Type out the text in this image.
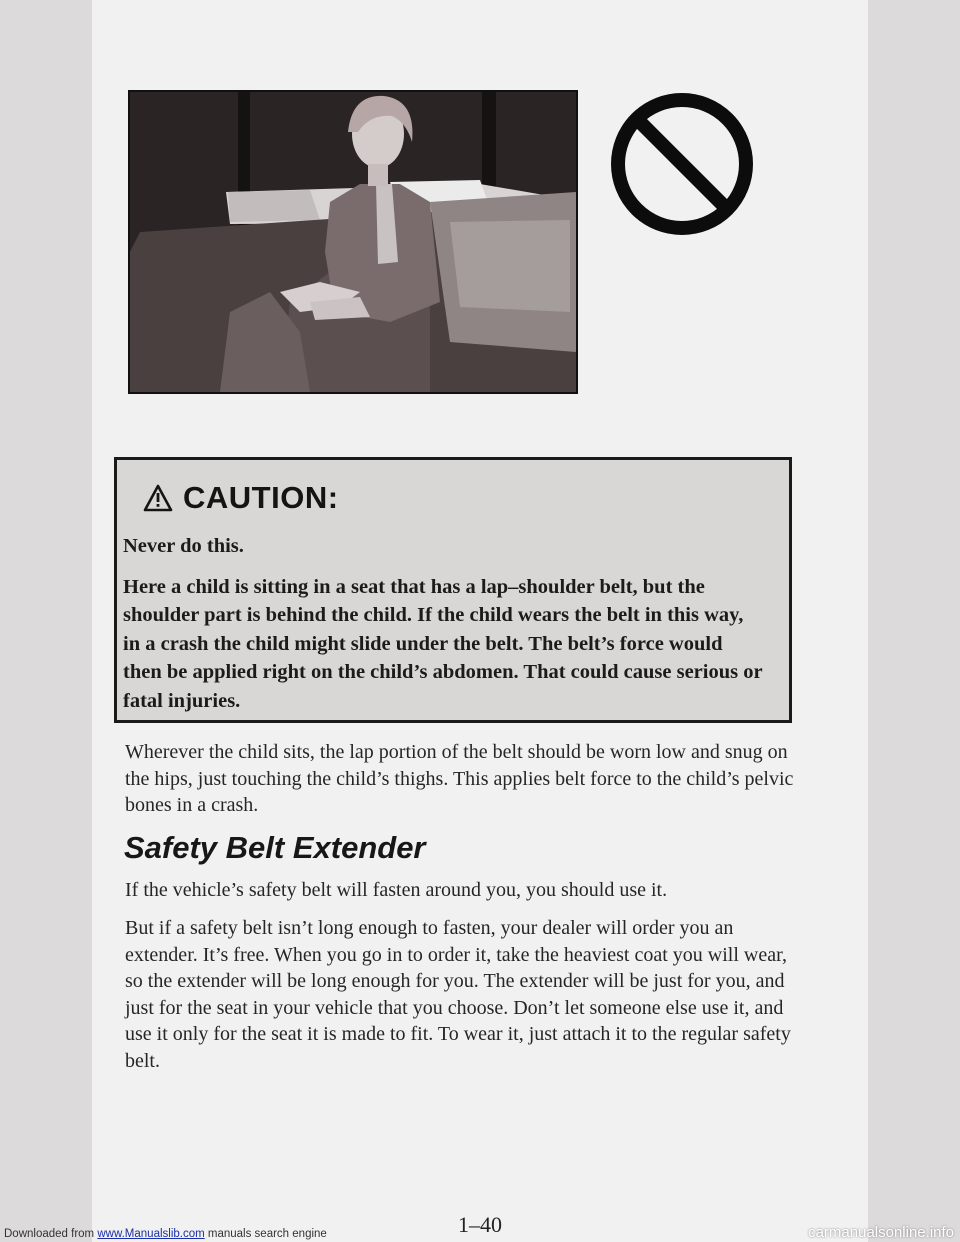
CAUTION:

Never do this.

Here a child is sitting in a seat that has a lap–shoulder belt, but the shoulder part is behind the child. If the child wears the belt in this way, in a crash the child might slide under the belt. The belt’s force would then be applied right on the child’s abdomen. That could cause serious or fatal injuries.

Wherever the child sits, the lap portion of the belt should be worn low and snug on the hips, just touching the child’s thighs. This applies belt force to the child’s pelvic bones in a crash.

Safety Belt Extender

If the vehicle’s safety belt will fasten around you, you should use it.

But if a safety belt isn’t long enough to fasten, your dealer will order you an extender. It’s free. When you go in to order it, take the heaviest coat you will wear, so the extender will be long enough for you. The extender will be just for you, and just for the seat in your vehicle that you choose. Don’t let someone else use it, and use it only for the seat it is made to fit. To wear it, just attach it to the regular safety belt.

1–40
Downloaded from www.Manualslib.com manuals search engine	carmanualsonline.info
